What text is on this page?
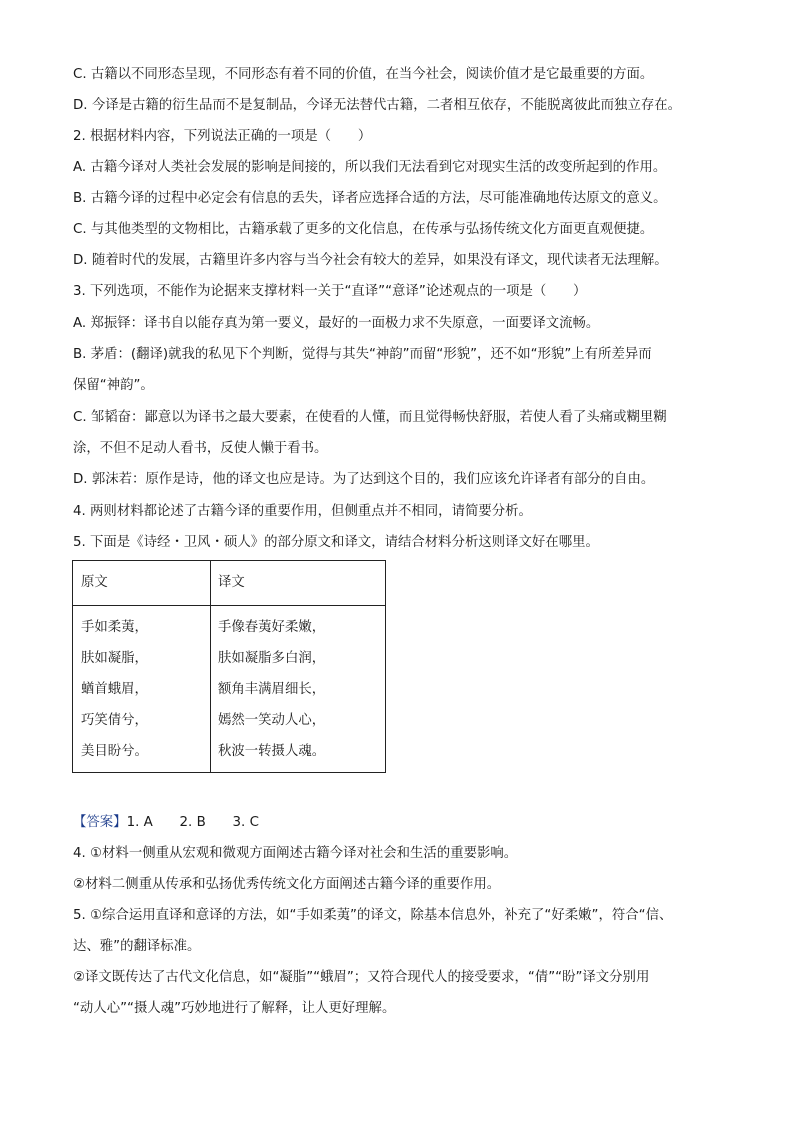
C. 古籍以不同形态呈现，不同形态有着不同的价值，在当今社会，阅读价值才是它最重要的方面。
D. 今译是古籍的衍生品而不是复制品，今译无法替代古籍，二者相互依存，不能脱离彼此而独立存在。
2. 根据材料内容，下列说法正确的一项是（　　）
A. 古籍今译对人类社会发展的影响是间接的，所以我们无法看到它对现实生活的改变所起到的作用。
B. 古籍今译的过程中必定会有信息的丢失，译者应选择合适的方法，尽可能准确地传达原文的意义。
C. 与其他类型的文物相比，古籍承载了更多的文化信息，在传承与弘扬传统文化方面更直观便捷。
D. 随着时代的发展，古籍里许多内容与当今社会有较大的差异，如果没有译文，现代读者无法理解。
3. 下列选项，不能作为论据来支撑材料一关于“直译”“意译”论述观点的一项是（　　）
A. 郑振铎：译书自以能存真为第一要义，最好的一面极力求不失原意，一面要译文流畅。
B. 茅盾：(翻译)就我的私见下个判断，觉得与其失“神韵”而留“形貌”，还不如“形貌”上有所差异而
保留“神韵”。
C. 邹韬奋：鄙意以为译书之最大要素，在使看的人懂，而且觉得畅快舒服，若使人看了头痛或糊里糊
涂，不但不足动人看书，反使人懒于看书。
D. 郭沫若：原作是诗，他的译文也应是诗。为了达到这个目的，我们应该允许译者有部分的自由。
4. 两则材料都论述了古籍今译的重要作用，但侧重点并不相同，请简要分析。
5. 下面是《诗经・卫风・硕人》的部分原文和译文，请结合材料分析这则译文好在哪里。
原文	译文
手如柔荑，
肤如凝脂，
蝤首蛾眉，
巧笑倩兮，
美目盼兮。
手像春荑好柔嫩，
肤如凝脂多白润，
额角丰满眉细长，
嫣然一笑动人心，
秋波一转摄人魂。
【答案】1. A　　2. B　　3. C
4. ①材料一侧重从宏观和微观方面阐述古籍今译对社会和生活的重要影响。
②材料二侧重从传承和弘扬优秀传统文化方面阐述古籍今译的重要作用。
5. ①综合运用直译和意译的方法，如“手如柔荑”的译文，除基本信息外，补充了“好柔嫩”，符合“信、
达、雅”的翻译标准。
②译文既传达了古代文化信息，如“凝脂”“蛾眉”；又符合现代人的接受要求，“倩”“盼”译文分别用
“动人心”“摄人魂”巧妙地进行了解释，让人更好理解。
